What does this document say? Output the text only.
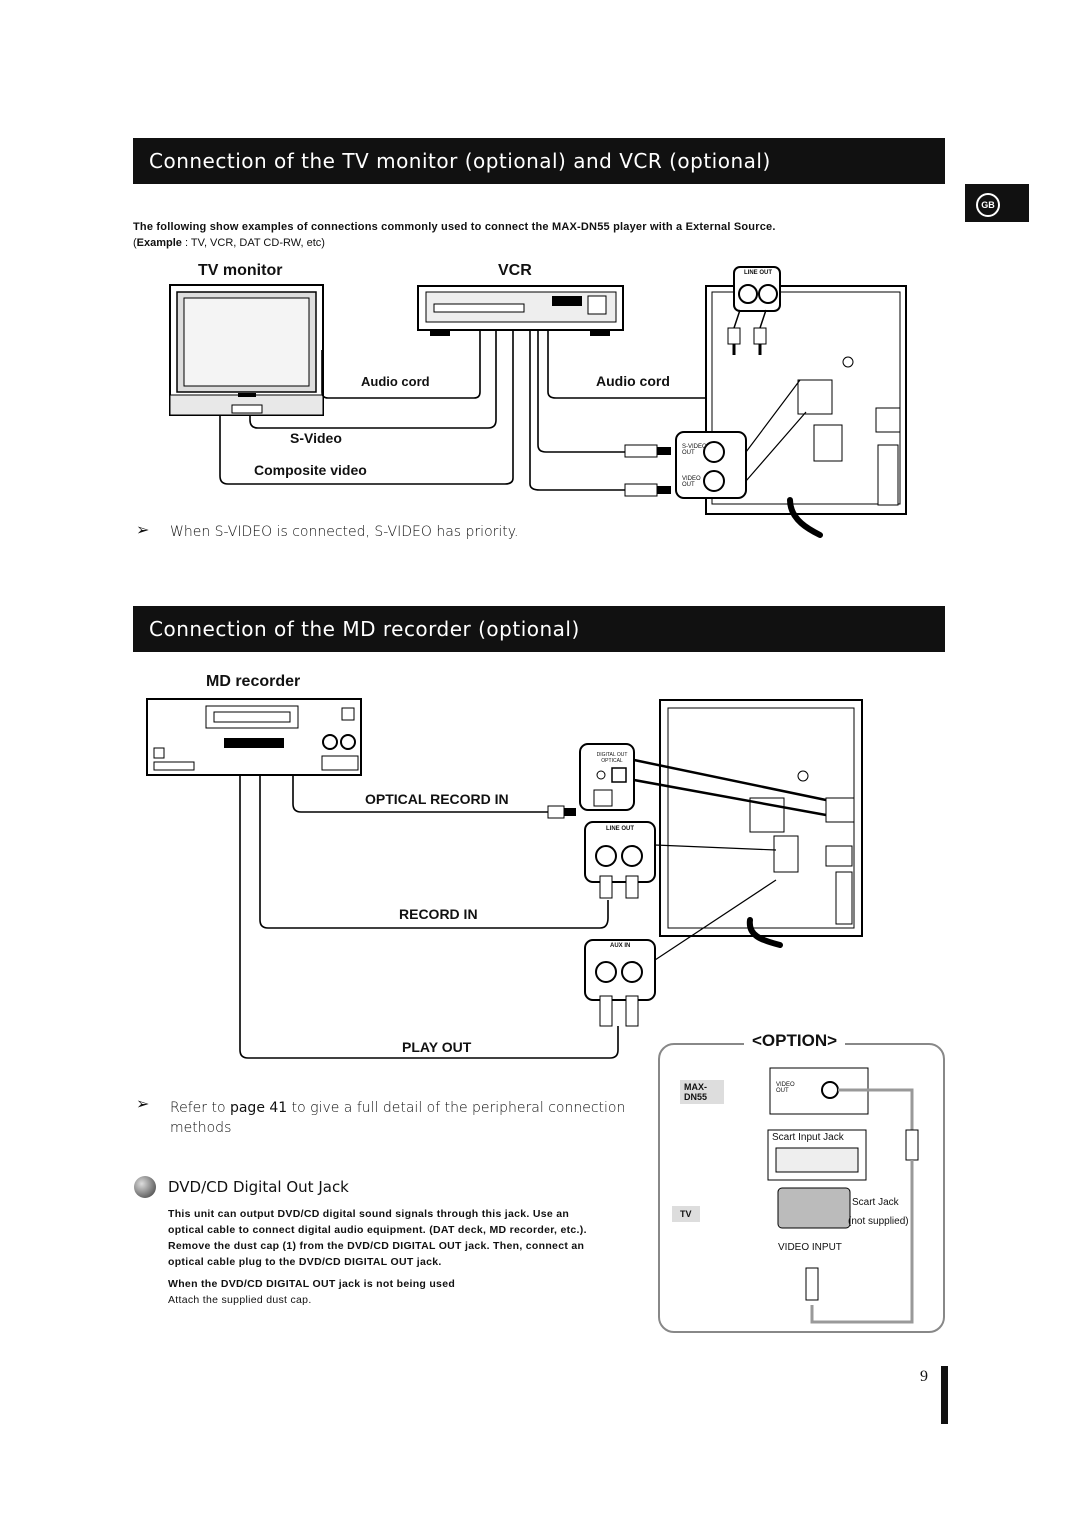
Connection of the TV monitor (optional) and VCR (optional)
GB
The following show examples of connections commonly used to connect the MAX-DN55 player with a External Source.
(Example : TV, VCR, DAT CD-RW, etc)
TV monitor	VCR
Audio cord	Audio cord
S-Video
Composite video
LINE OUT
S-VIDEO OUT
VIDEO OUT
➢ When S-VIDEO is connected, S-VIDEO has priority.
Connection of the MD recorder (optional)
MD recorder
OPTICAL RECORD IN
RECORD IN
PLAY OUT
DIGITAL OUT OPTICAL
LINE OUT
AUX IN
<OPTION>
MAX-DN55
VIDEO OUT
Scart Input Jack
Scart Jack
(not supplied)
TV
VIDEO INPUT
➢ Refer to page 41 to give a full detail of the peripheral connection methods
DVD/CD Digital Out Jack
This unit can output DVD/CD digital sound signals through this jack. Use an optical cable to connect digital audio equipment. (DAT deck, MD recorder, etc.).
Remove the dust cap (1) from the DVD/CD DIGITAL OUT jack. Then, connect an optical cable plug to the DVD/CD DIGITAL OUT jack.
When the DVD/CD DIGITAL OUT jack is not being used
Attach the supplied dust cap.
9
